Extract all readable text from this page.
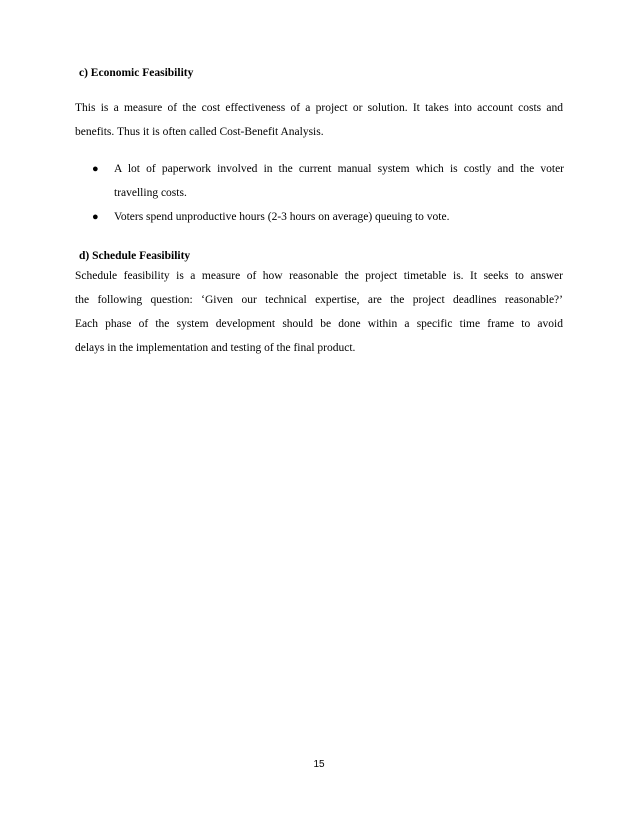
c) Economic Feasibility
This is a measure of the cost effectiveness of a project or solution. It takes into account costs and
benefits. Thus it is often called Cost-Benefit Analysis.
● A lot of paperwork involved in the current manual system which is costly and the voter
travelling costs.
● Voters spend unproductive hours (2-3 hours on average) queuing to vote.
d) Schedule Feasibility
Schedule feasibility is a measure of how reasonable the project timetable is. It seeks to answer
the following question: ‘Given our technical expertise, are the project deadlines reasonable?’
Each phase of the system development should be done within a specific time frame to avoid
delays in the implementation and testing of the final product.
15
